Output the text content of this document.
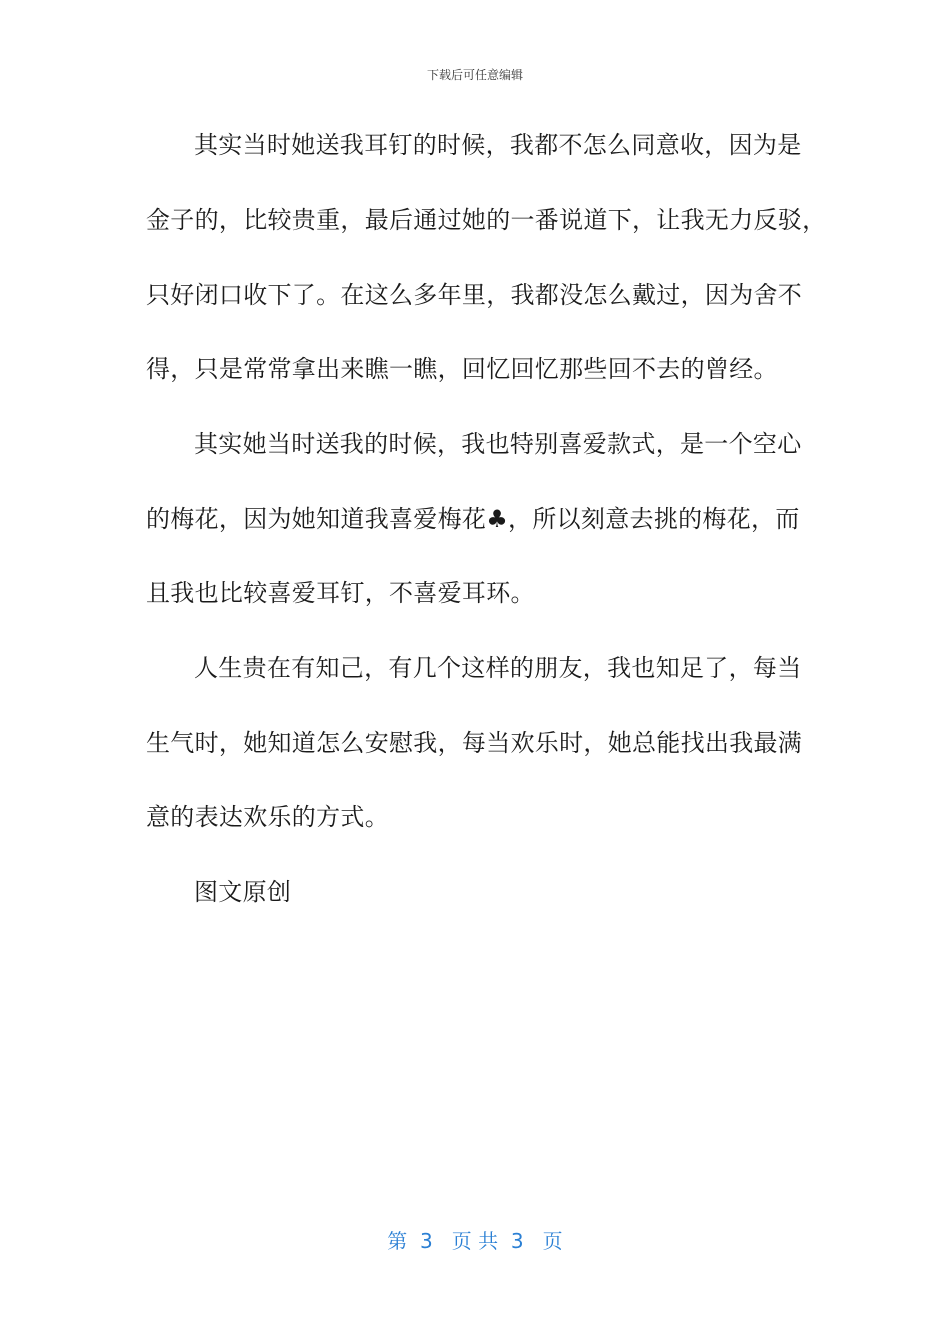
下载后可任意编辑
其实当时她送我耳钉的时候，我都不怎么同意收，因为是
金子的，比较贵重，最后通过她的一番说道下，让我无力反驳，
只好闭口收下了。在这么多年里，我都没怎么戴过，因为舍不
得，只是常常拿出来瞧一瞧，回忆回忆那些回不去的曾经。
其实她当时送我的时候，我也特别喜爱款式，是一个空心
的梅花，因为她知道我喜爱梅花♣，所以刻意去挑的梅花，而
且我也比较喜爱耳钉，不喜爱耳环。
人生贵在有知己，有几个这样的朋友，我也知足了，每当
生气时，她知道怎么安慰我，每当欢乐时，她总能找出我最满
意的表达欢乐的方式。
图文原创
第  3   页 共  3   页
